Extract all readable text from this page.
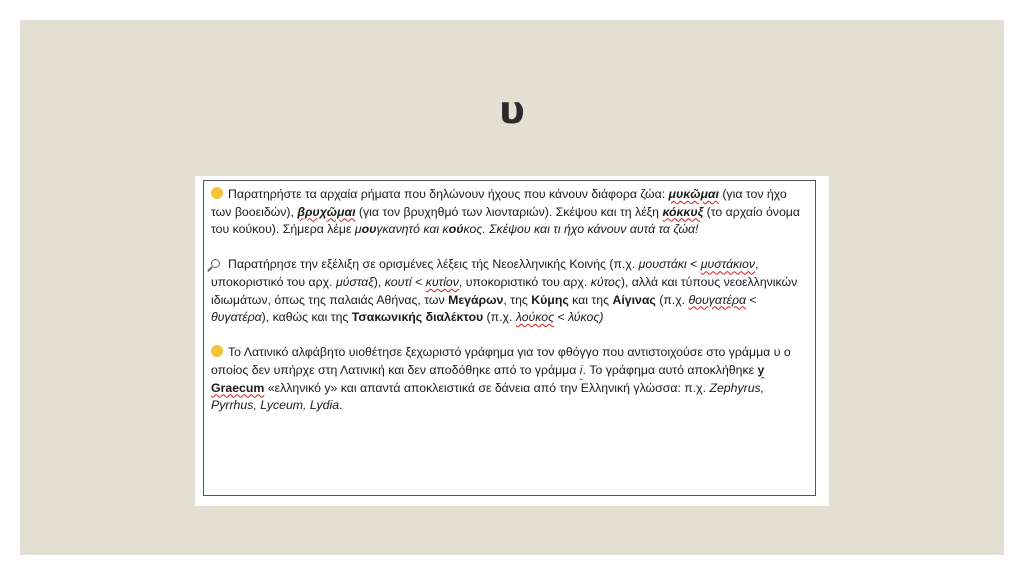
υ

Παρατηρήστε τα αρχαία ρήματα που δηλώνουν ήχους που κάνουν διάφορα ζώα: μυκῶμαι (για τον ήχο των βοοειδών), βρυχῶμαι (για τον βρυχηθμό των λιονταριών). Σκέψου και τη λέξη κόκκυξ (το αρχαίο όνομα του κούκου). Σήμερα λέμε μουγκανητό και κούκος. Σκέψου και τι ήχο κάνουν αυτά τα ζώα!

Παρατήρησε την εξέλιξη σε ορισμένες λέξεις τής Νεοελληνικής Κοινής (π.χ. μουστάκι < μυστάκιον, υποκοριστικό του αρχ. μύσταξ), κουτί < κυτίον, υποκοριστικό του αρχ. κύτος), αλλά και τύπους νεοελληνικών ιδιωμάτων, όπως της παλαιάς Αθήνας, των Μεγάρων, της Κύμης και της Αίγινας (π.χ. θουγατέρα < θυγατέρα), καθώς και της Τσακωνικής διαλέκτου (π.χ. λούκος < λύκος)

Το Λατινικό αλφάβητο υιοθέτησε ξεχωριστό γράφημα για τον φθόγγο που αντιστοιχούσε στο γράμμα υ ο οποίος δεν υπήρχε στη Λατινική και δεν αποδόθηκε από το γράμμα i. Το γράφημα αυτό αποκλήθηκε y Graecum «ελληνικό y» και απαντά αποκλειστικά σε δάνεια από την Ελληνική γλώσσα: π.χ. Zephyrus, Pyrrhus, Lyceum, Lydia.
